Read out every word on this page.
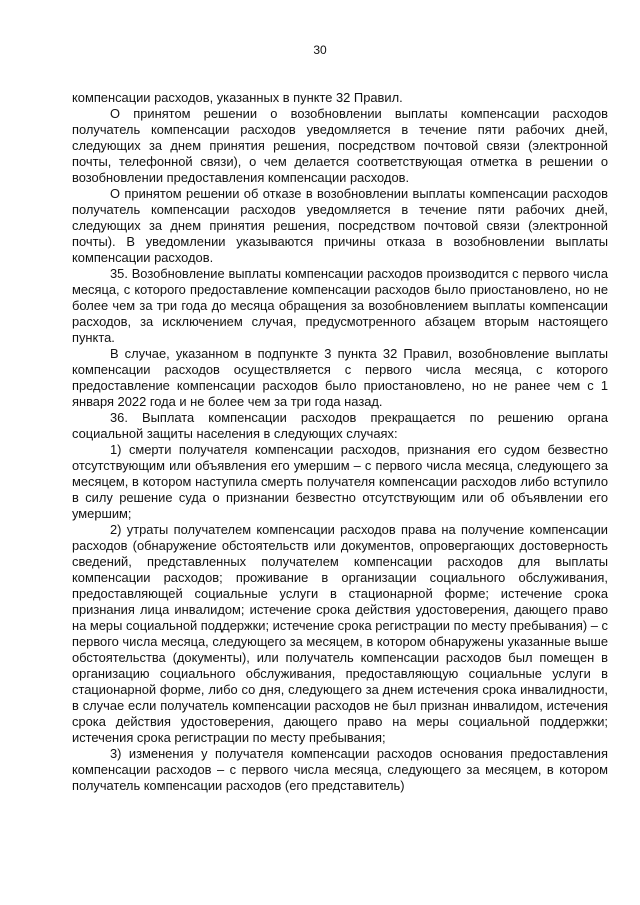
30

компенсации расходов, указанных в пункте 32 Правил.

О принятом решении о возобновлении выплаты компенсации расходов получатель компенсации расходов уведомляется в течение пяти рабочих дней, следующих за днем принятия решения, посредством почтовой связи (электронной почты, телефонной связи), о чем делается соответствующая отметка в решении о возобновлении предоставления компенсации расходов.

О принятом решении об отказе в возобновлении выплаты компенсации расходов получатель компенсации расходов уведомляется в течение пяти рабочих дней, следующих за днем принятия решения, посредством почтовой связи (электронной почты). В уведомлении указываются причины отказа в возобновлении выплаты компенсации расходов.

35. Возобновление выплаты компенсации расходов производится с первого числа месяца, с которого предоставление компенсации расходов было приостановлено, но не более чем за три года до месяца обращения за возобновлением выплаты компенсации расходов, за исключением случая, предусмотренного абзацем вторым настоящего пункта.

В случае, указанном в подпункте 3 пункта 32 Правил, возобновление выплаты компенсации расходов осуществляется с первого числа месяца, с которого предоставление компенсации расходов было приостановлено, но не ранее чем с 1 января 2022 года и не более чем за три года назад.

36. Выплата компенсации расходов прекращается по решению органа социальной защиты населения в следующих случаях:

1) смерти получателя компенсации расходов, признания его судом безвестно отсутствующим или объявления его умершим – с первого числа месяца, следующего за месяцем, в котором наступила смерть получателя компенсации расходов либо вступило в силу решение суда о признании безвестно отсутствующим или об объявлении его умершим;

2) утраты получателем компенсации расходов права на получение компенсации расходов (обнаружение обстоятельств или документов, опровергающих достоверность сведений, представленных получателем компенсации расходов для выплаты компенсации расходов; проживание в организации социального обслуживания, предоставляющей социальные услуги в стационарной форме; истечение срока признания лица инвалидом; истечение срока действия удостоверения, дающего право на меры социальной поддержки; истечение срока регистрации по месту пребывания) – с первого числа месяца, следующего за месяцем, в котором обнаружены указанные выше обстоятельства (документы), или получатель компенсации расходов был помещен в организацию социального обслуживания, предоставляющую социальные услуги в стационарной форме, либо со дня, следующего за днем истечения срока инвалидности, в случае если получатель компенсации расходов не был признан инвалидом, истечения срока действия удостоверения, дающего право на меры социальной поддержки; истечения срока регистрации по месту пребывания;

3) изменения у получателя компенсации расходов основания предоставления компенсации расходов – с первого числа месяца, следующего за месяцем, в котором получатель компенсации расходов (его представитель)
